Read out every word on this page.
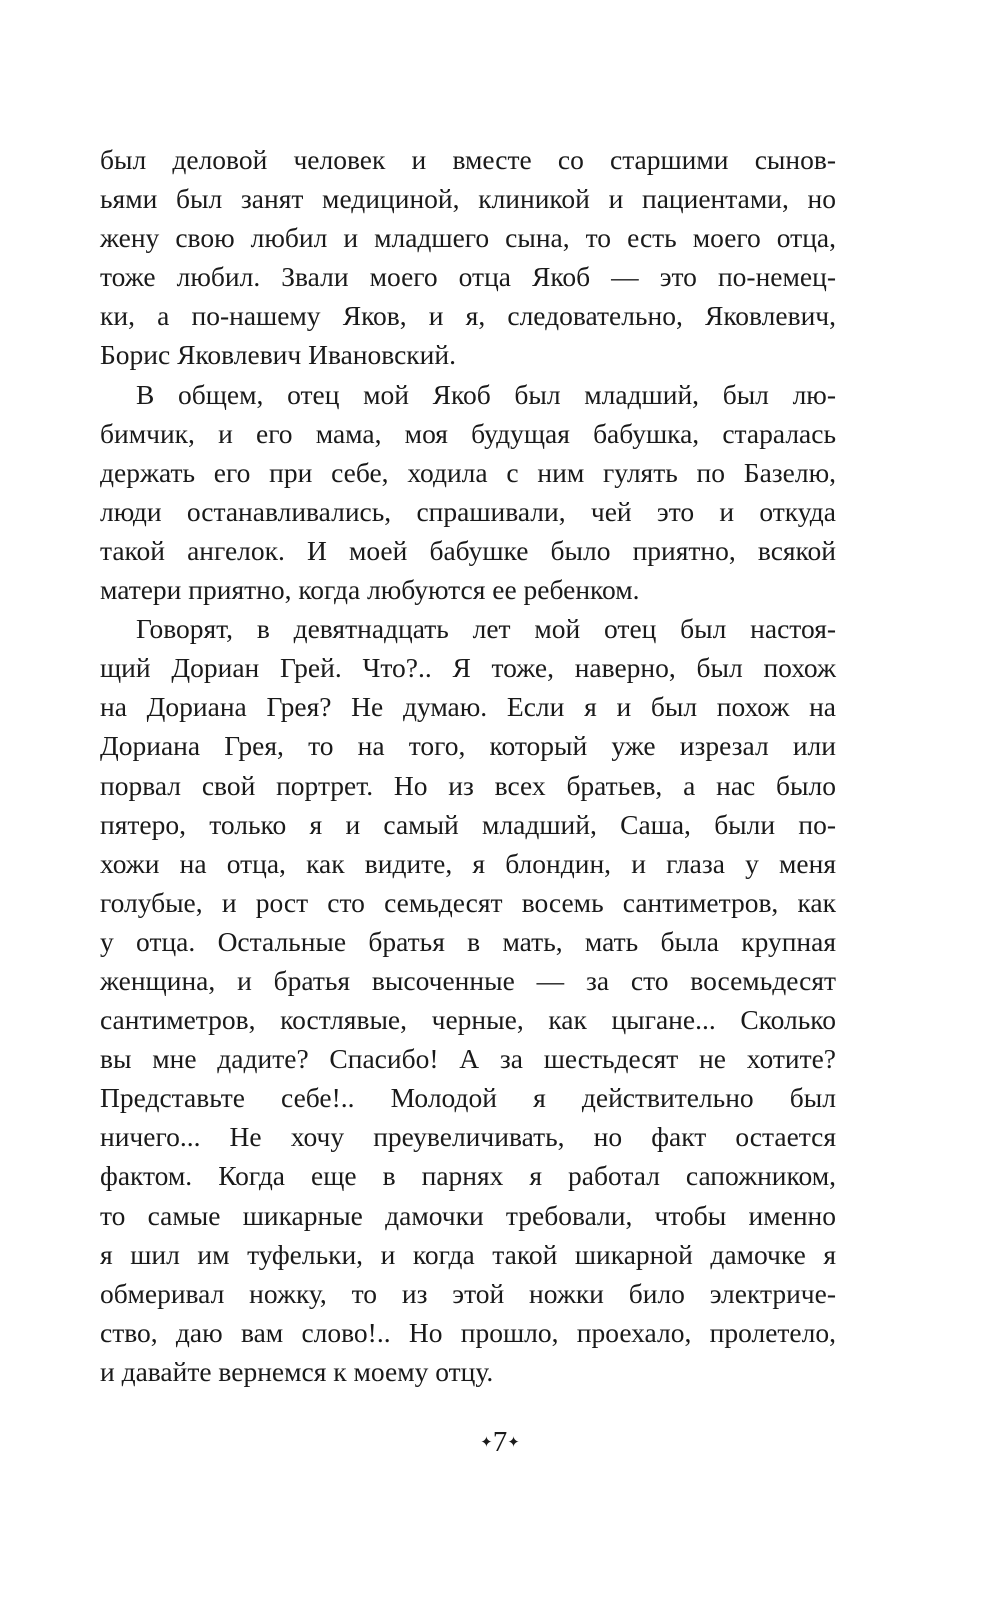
был деловой человек и вместе со старшими сынов-
ьями был занят медициной, клиникой и пациентами, но
жену свою любил и младшего сына, то есть моего отца,
тоже любил. Звали моего отца Якоб — это по-немец-
ки, а по-нашему Яков, и я, следовательно, Яковлевич,
Борис Яковлевич Ивановский.
В общем, отец мой Якоб был младший, был лю-
бимчик, и его мама, моя будущая бабушка, старалась
держать его при себе, ходила с ним гулять по Базелю,
люди останавливались, спрашивали, чей это и откуда
такой ангелок. И моей бабушке было приятно, всякой
матери приятно, когда любуются ее ребенком.
Говорят, в девятнадцать лет мой отец был настоя-
щий Дориан Грей. Что?.. Я тоже, наверно, был похож
на Дориана Грея? Не думаю. Если я и был похож на
Дориана Грея, то на того, который уже изрезал или
порвал свой портрет. Но из всех братьев, а нас было
пятеро, только я и самый младший, Саша, были по-
хожи на отца, как видите, я блондин, и глаза у меня
голубые, и рост сто семьдесят восемь сантиметров, как
у отца. Остальные братья в мать, мать была крупная
женщина, и братья высоченные — за сто восемьдесят
сантиметров, костлявые, черные, как цыгане... Сколько
вы мне дадите? Спасибо! А за шестьдесят не хотите?
Представьте себе!.. Молодой я действительно был
ничего... Не хочу преувеличивать, но факт остается
фактом. Когда еще в парнях я работал сапожником,
то самые шикарные дамочки требовали, чтобы именно
я шил им туфельки, и когда такой шикарной дамочке я
обмеривал ножку, то из этой ножки било электриче-
ство, даю вам слово!.. Но прошло, проехало, пролетело,
и давайте вернемся к моему отцу.
✦7✦
